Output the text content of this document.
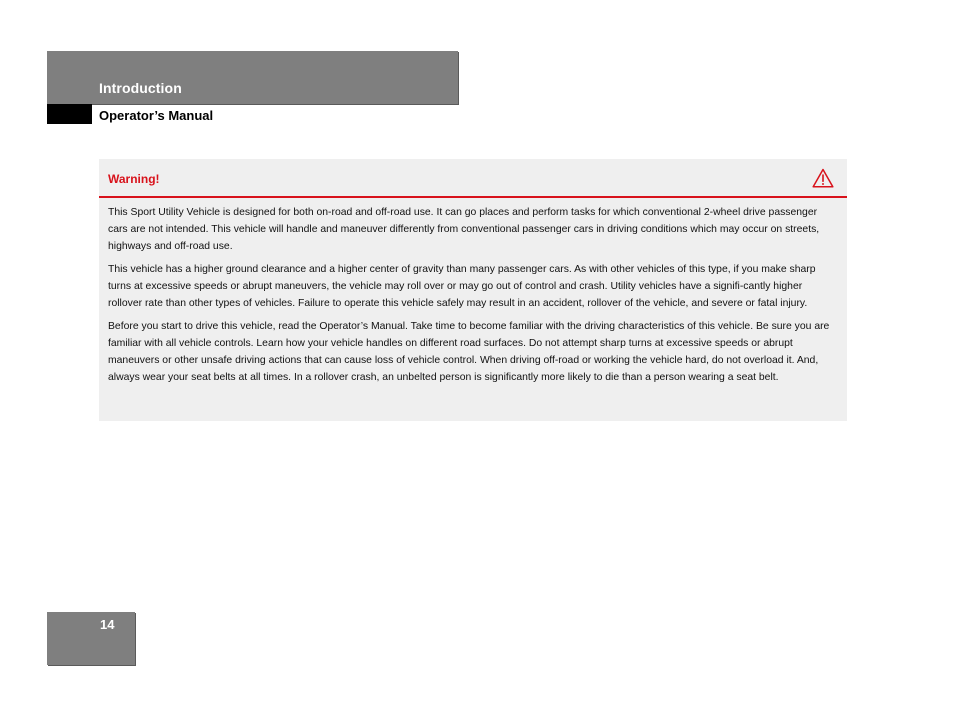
Introduction
Operator’s Manual
Warning!

This Sport Utility Vehicle is designed for both on-road and off-road use. It can go places and perform tasks for which conventional 2-wheel drive passenger cars are not intended. This vehicle will handle and maneuver differently from conventional passenger cars in driving conditions which may occur on streets, highways and off-road use.

This vehicle has a higher ground clearance and a higher center of gravity than many passenger cars. As with other vehicles of this type, if you make sharp turns at excessive speeds or abrupt maneuvers, the vehicle may roll over or may go out of control and crash. Utility vehicles have a signifi-cantly higher rollover rate than other types of vehicles. Failure to operate this vehicle safely may result in an accident, rollover of the vehicle, and severe or fatal injury.

Before you start to drive this vehicle, read the Operator’s Manual. Take time to become familiar with the driving characteristics of this vehicle. Be sure you are familiar with all vehicle controls. Learn how your vehicle handles on different road surfaces. Do not attempt sharp turns at excessive speeds or abrupt maneuvers or other unsafe driving actions that can cause loss of vehicle control. When driving off-road or working the vehicle hard, do not overload it. And, always wear your seat belts at all times. In a rollover crash, an unbelted person is significantly more likely to die than a person wearing a seat belt.

14
